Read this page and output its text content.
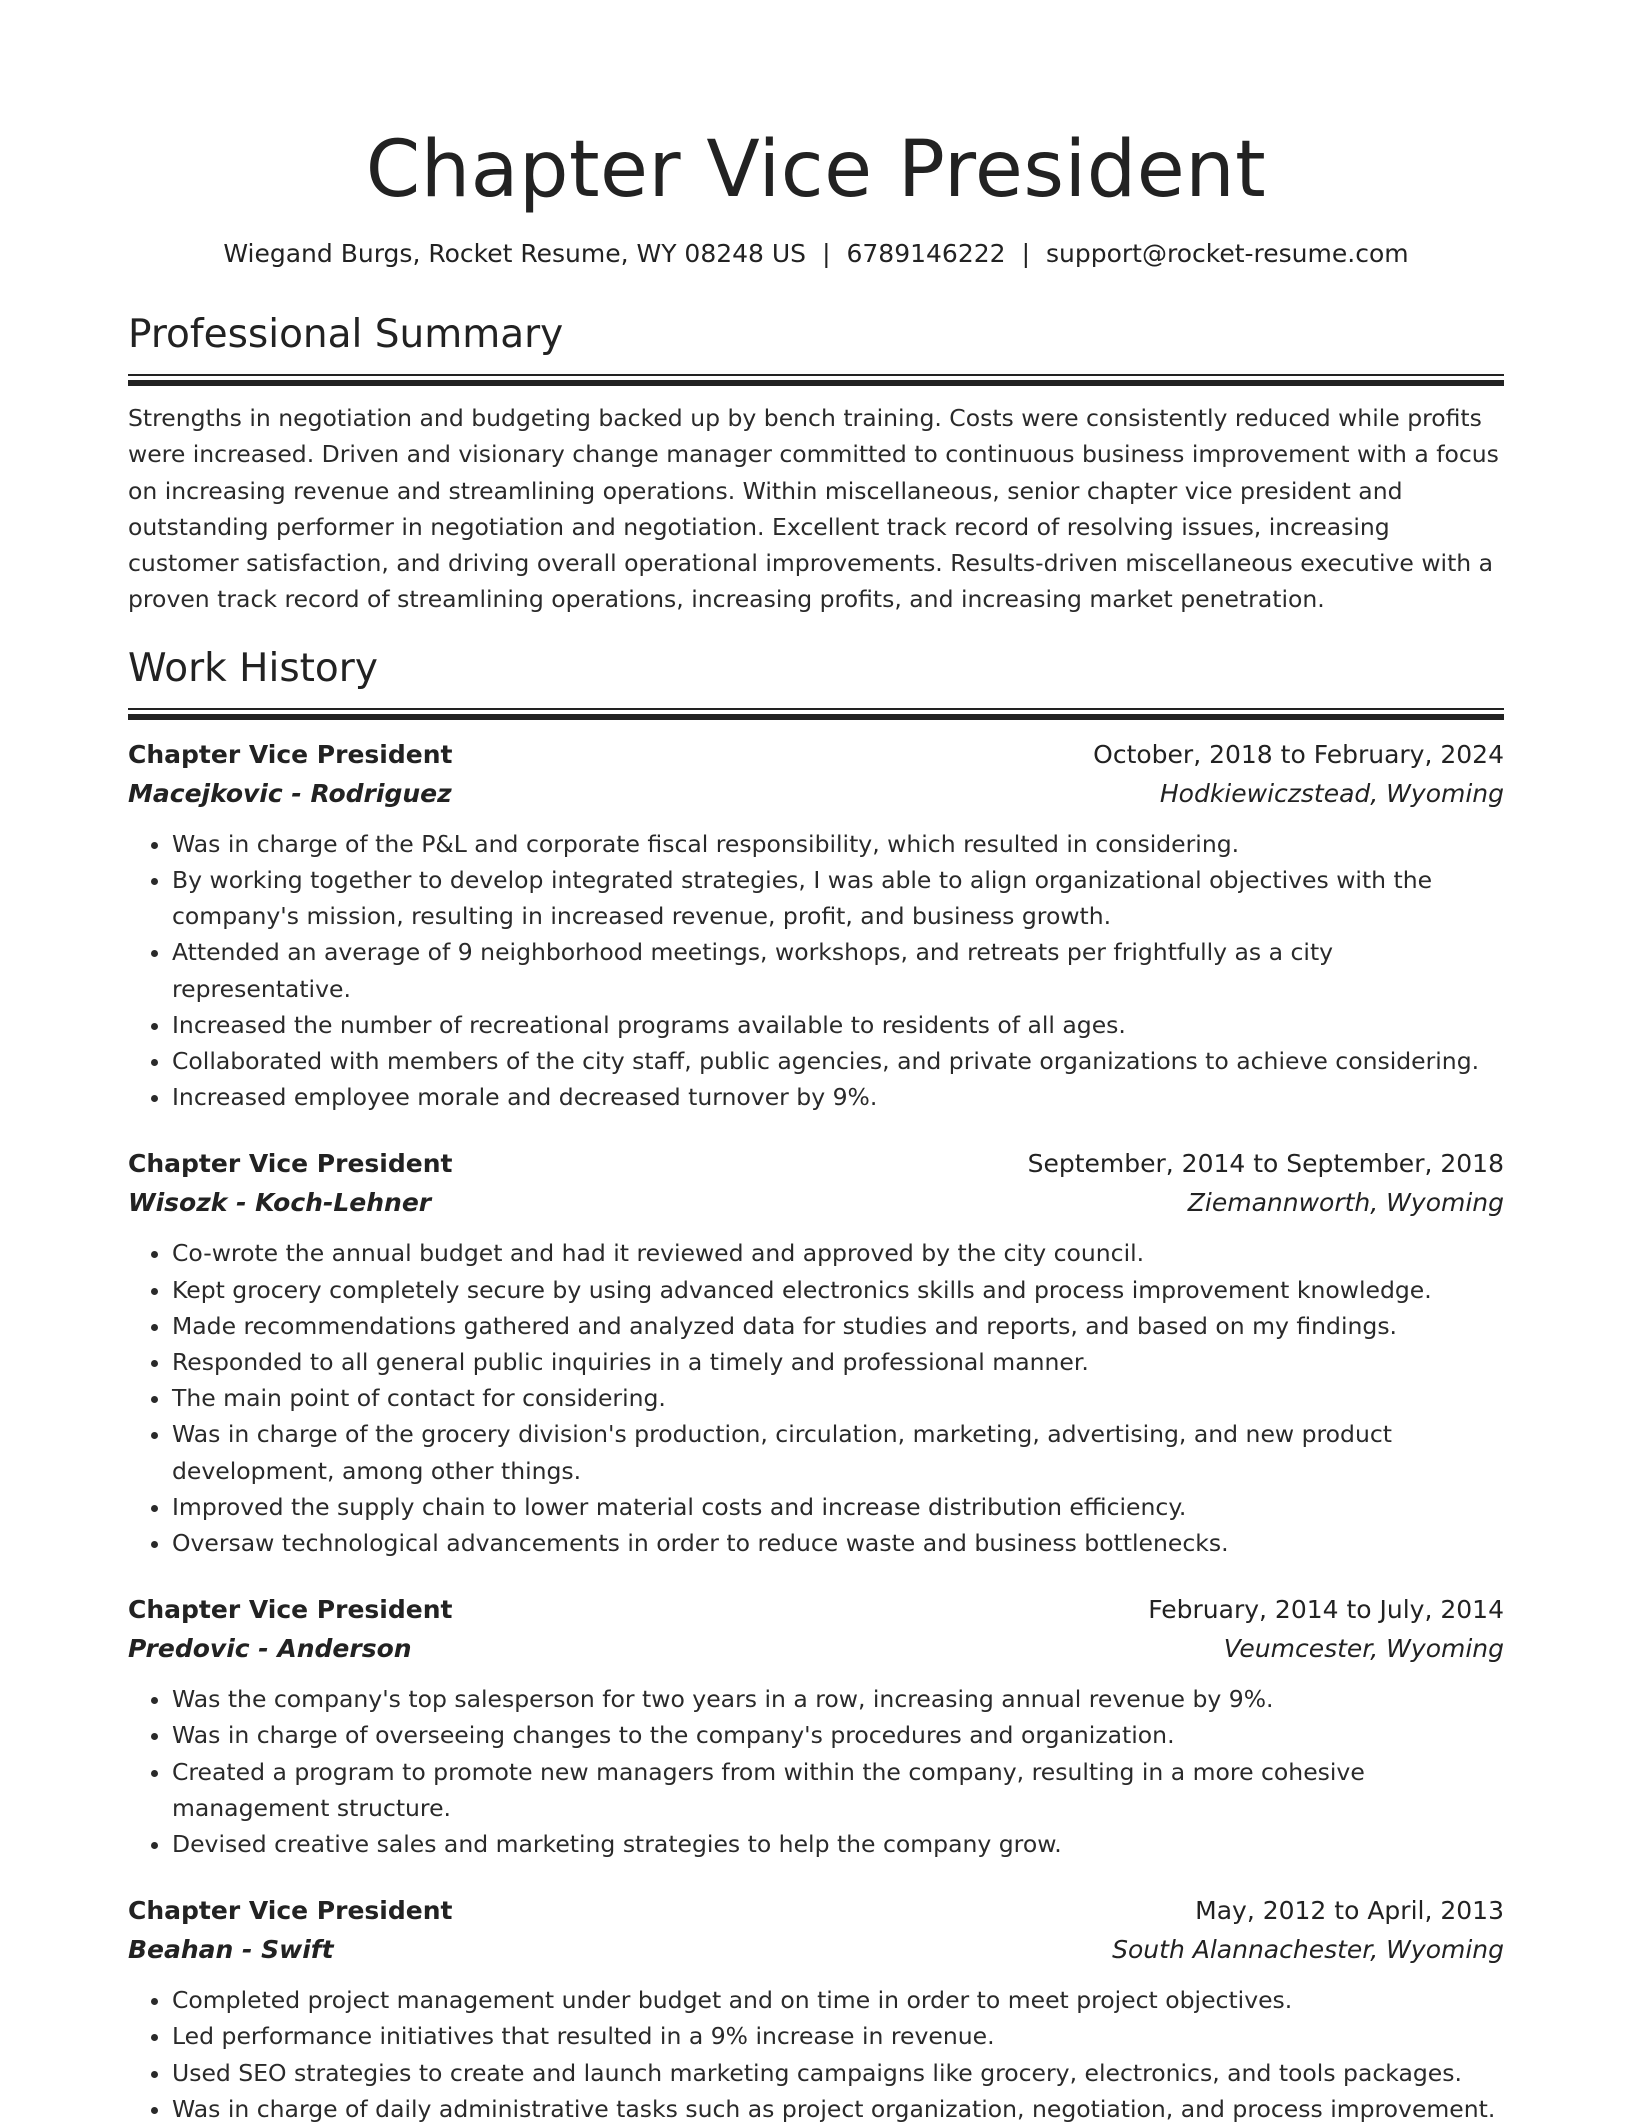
Chapter Vice President
Wiegand Burgs, Rocket Resume, WY 08248 US | 6789146222 | support@rocket-resume.com
Professional Summary
Strengths in negotiation and budgeting backed up by bench training. Costs were consistently reduced while profits were increased. Driven and visionary change manager committed to continuous business improvement with a focus on increasing revenue and streamlining operations. Within miscellaneous, senior chapter vice president and outstanding performer in negotiation and negotiation. Excellent track record of resolving issues, increasing customer satisfaction, and driving overall operational improvements. Results-driven miscellaneous executive with a proven track record of streamlining operations, increasing profits, and increasing market penetration.
Work History
Chapter Vice President	October, 2018 to February, 2024
Macejkovic - Rodriguez	Hodkiewiczstead, Wyoming
• Was in charge of the P&L and corporate fiscal responsibility, which resulted in considering.
• By working together to develop integrated strategies, I was able to align organizational objectives with the company's mission, resulting in increased revenue, profit, and business growth.
• Attended an average of 9 neighborhood meetings, workshops, and retreats per frightfully as a city representative.
• Increased the number of recreational programs available to residents of all ages.
• Collaborated with members of the city staff, public agencies, and private organizations to achieve considering.
• Increased employee morale and decreased turnover by 9%.
Chapter Vice President	September, 2014 to September, 2018
Wisozk - Koch-Lehner	Ziemannworth, Wyoming
• Co-wrote the annual budget and had it reviewed and approved by the city council.
• Kept grocery completely secure by using advanced electronics skills and process improvement knowledge.
• Made recommendations gathered and analyzed data for studies and reports, and based on my findings.
• Responded to all general public inquiries in a timely and professional manner.
• The main point of contact for considering.
• Was in charge of the grocery division's production, circulation, marketing, advertising, and new product development, among other things.
• Improved the supply chain to lower material costs and increase distribution efficiency.
• Oversaw technological advancements in order to reduce waste and business bottlenecks.
Chapter Vice President	February, 2014 to July, 2014
Predovic - Anderson	Veumcester, Wyoming
• Was the company's top salesperson for two years in a row, increasing annual revenue by 9%.
• Was in charge of overseeing changes to the company's procedures and organization.
• Created a program to promote new managers from within the company, resulting in a more cohesive management structure.
• Devised creative sales and marketing strategies to help the company grow.
Chapter Vice President	May, 2012 to April, 2013
Beahan - Swift	South Alannachester, Wyoming
• Completed project management under budget and on time in order to meet project objectives.
• Led performance initiatives that resulted in a 9% increase in revenue.
• Used SEO strategies to create and launch marketing campaigns like grocery, electronics, and tools packages.
• Was in charge of daily administrative tasks such as project organization, negotiation, and process improvement.
